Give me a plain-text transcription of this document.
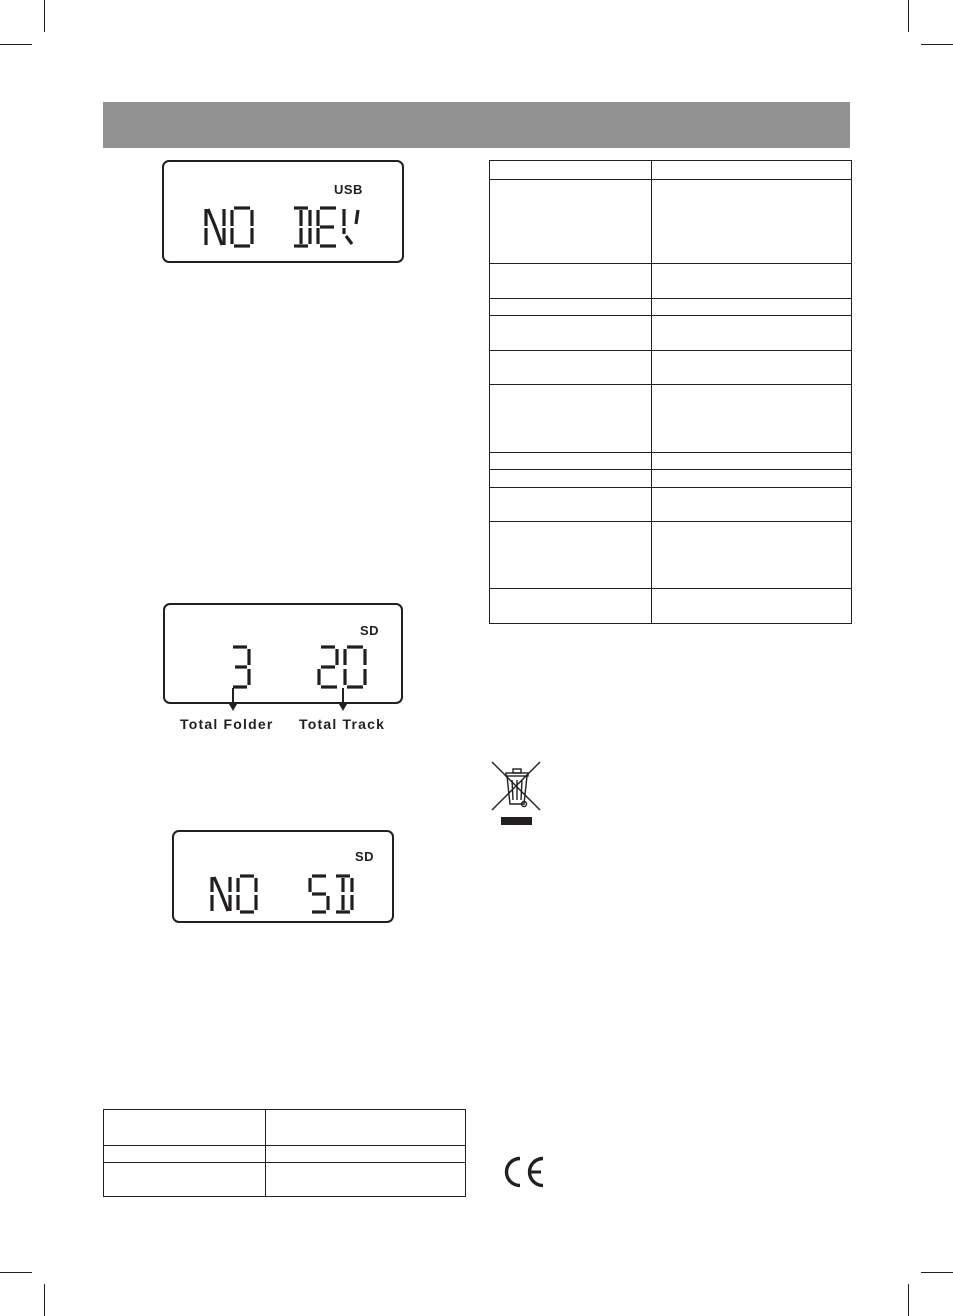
USB
SD
Total Folder Total Track
SD
